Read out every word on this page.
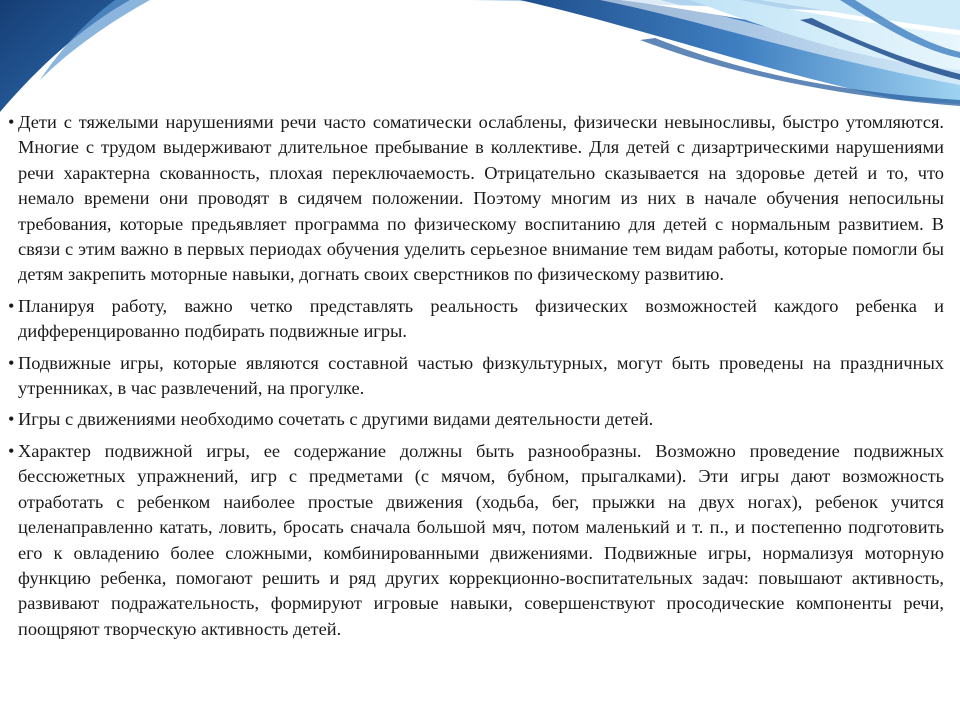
• Дети с тяжелыми нарушениями речи часто соматически ослаблены, физически невыносливы, быстро утомляются. Многие с трудом выдерживают длительное пребывание в коллективе. Для детей с дизартрическими нарушениями речи характерна скованность, плохая переключаемость. Отрицательно сказывается на здоровье детей и то, что немало времени они проводят в сидячем положении. Поэтому многим из них в начале обучения непосильны требования, которые предьявляет программа по физическому воспитанию для детей с нормальным развитием. В связи с этим важно в первых периодах обучения уделить серьезное внимание тем видам работы, которые помогли бы детям закрепить моторные навыки, догнать своих сверстников по физическому развитию.

• Планируя работу, важно четко представлять реальность физических возможностей каждого ребенка и дифференцированно подбирать подвижные игры.

• Подвижные игры, которые являются составной частью физкультурных, могут быть проведены на праздничных утренниках, в час развлечений, на прогулке.

• Игры с движениями необходимо сочетать с другими видами деятельности детей.

• Характер подвижной игры, ее содержание должны быть разнообразны. Возможно проведение подвижных бессюжетных упражнений, игр с предметами (с мячом, бубном, прыгалками). Эти игры дают возможность отработать с ребенком наиболее простые движения (ходьба, бег, прыжки на двух ногах), ребенок учится целенаправленно катать, ловить, бросать сначала большой мяч, потом маленький и т. п., и постепенно подготовить его к овладению более сложными, комбинированными движениями. Подвижные игры, нормализуя моторную функцию ребенка, помогают решить и ряд других коррекционно-воспитательных задач: повышают активность, развивают подражательность, формируют игровые навыки, совершенствуют просодические компоненты речи, поощряют творческую активность детей.
